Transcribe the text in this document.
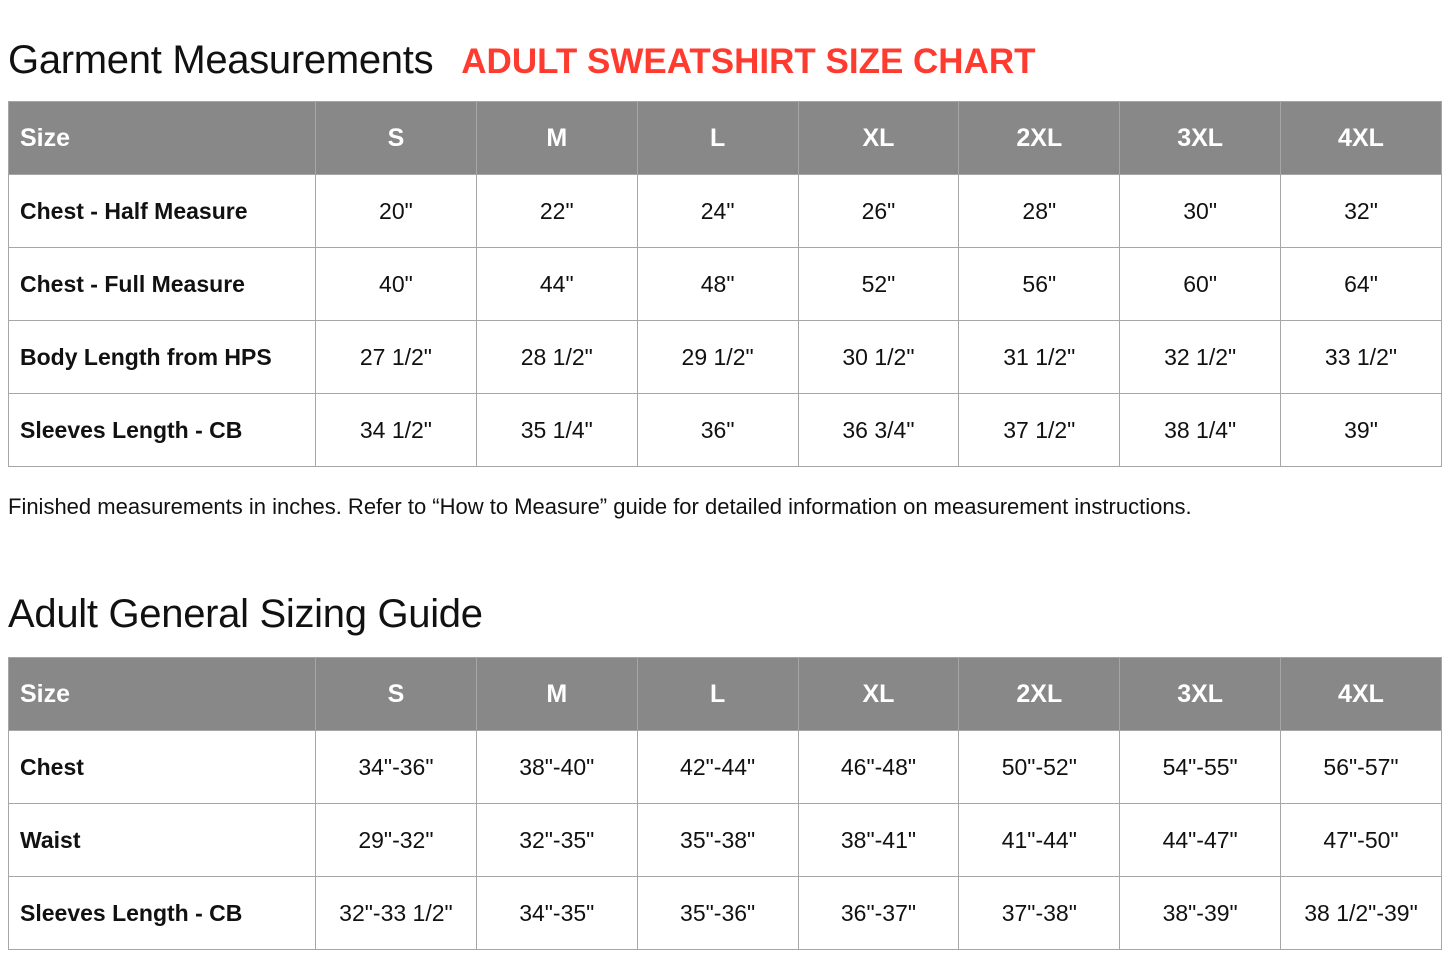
Garment Measurements ADULT SWEATSHIRT SIZE CHART
Size	S	M	L	XL	2XL	3XL	4XL
Chest - Half Measure	20"	22"	24"	26"	28"	30"	32"
Chest - Full Measure	40"	44"	48"	52"	56"	60"	64"
Body Length from HPS	27 1/2"	28 1/2"	29 1/2"	30 1/2"	31 1/2"	32 1/2"	33 1/2"
Sleeves Length - CB	34 1/2"	35 1/4"	36"	36 3/4"	37 1/2"	38 1/4"	39"

Finished measurements in inches. Refer to “How to Measure” guide for detailed information on measurement instructions.

Adult General Sizing Guide
Size	S	M	L	XL	2XL	3XL	4XL
Chest	34"-36"	38"-40"	42"-44"	46"-48"	50"-52"	54"-55"	56"-57"
Waist	29"-32"	32"-35"	35"-38"	38"-41"	41"-44"	44"-47"	47"-50"
Sleeves Length - CB	32"-33 1/2"	34"-35"	35"-36"	36"-37"	37"-38"	38"-39"	38 1/2"-39"
